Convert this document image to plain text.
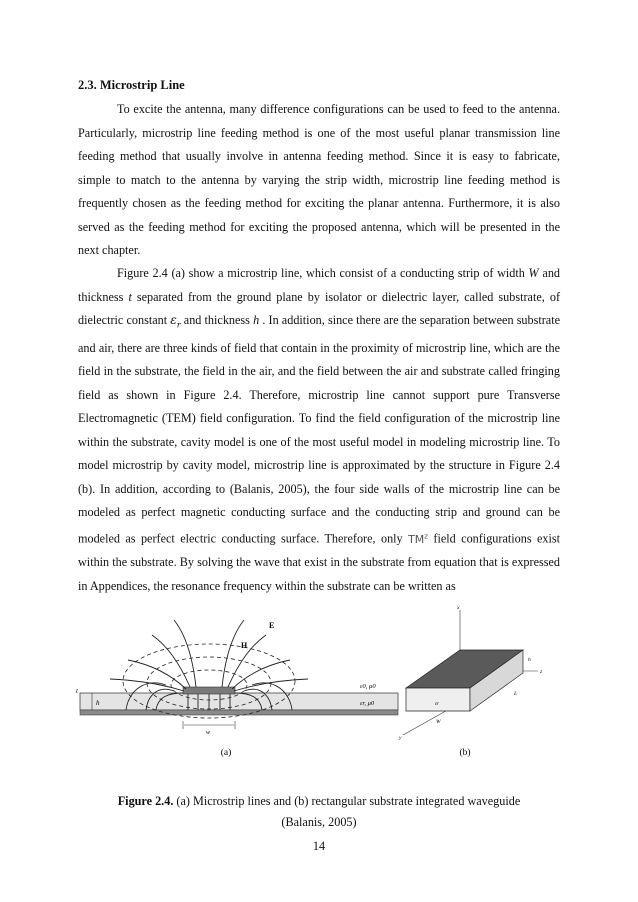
2.3. Microstrip Line

To excite the antenna, many difference configurations can be used to feed to the antenna. Particularly, microstrip line feeding method is one of the most useful planar transmission line feeding method that usually involve in antenna feeding method. Since it is easy to fabricate, simple to match to the antenna by varying the strip width, microstrip line feeding method is frequently chosen as the feeding method for exciting the planar antenna. Furthermore, it is also served as the feeding method for exciting the proposed antenna, which will be presented in the next chapter.

Figure 2.4 (a) show a microstrip line, which consist of a conducting strip of width W and thickness t separated from the ground plane by isolator or dielectric layer, called substrate, of dielectric constant $\varepsilon_r$ and thickness h . In addition, since there are the separation between substrate and air, there are three kinds of field that contain in the proximity of microstrip line, which are the field in the substrate, the field in the air, and the field between the air and substrate called fringing field as shown in Figure 2.4. Therefore, microstrip line cannot support pure Transverse Electromagnetic (TEM) field configuration. To find the field configuration of the microstrip line within the substrate, cavity model is one of the most useful model in modeling microstrip line. To model microstrip by cavity model, microstrip line is approximated by the structure in Figure 2.4 (b). In addition, according to (Balanis, 2005), the four side walls of the microstrip line can be modeled as perfect magnetic conducting surface and the conducting strip and ground can be modeled as perfect electric conducting surface. Therefore, only $TM^z$ field configurations exist within the substrate. By solving the wave that exist in the substrate from equation that is expressed in Appendices, the resonance frequency within the substrate can be written as

E
H
ε0, μ0
εr, μ0
t
h
w
(a)
x
y
z
h
L
W
εr
(b)
Figure 2.4. (a) Microstrip lines and (b) rectangular substrate integrated waveguide
(Balanis, 2005)
14
